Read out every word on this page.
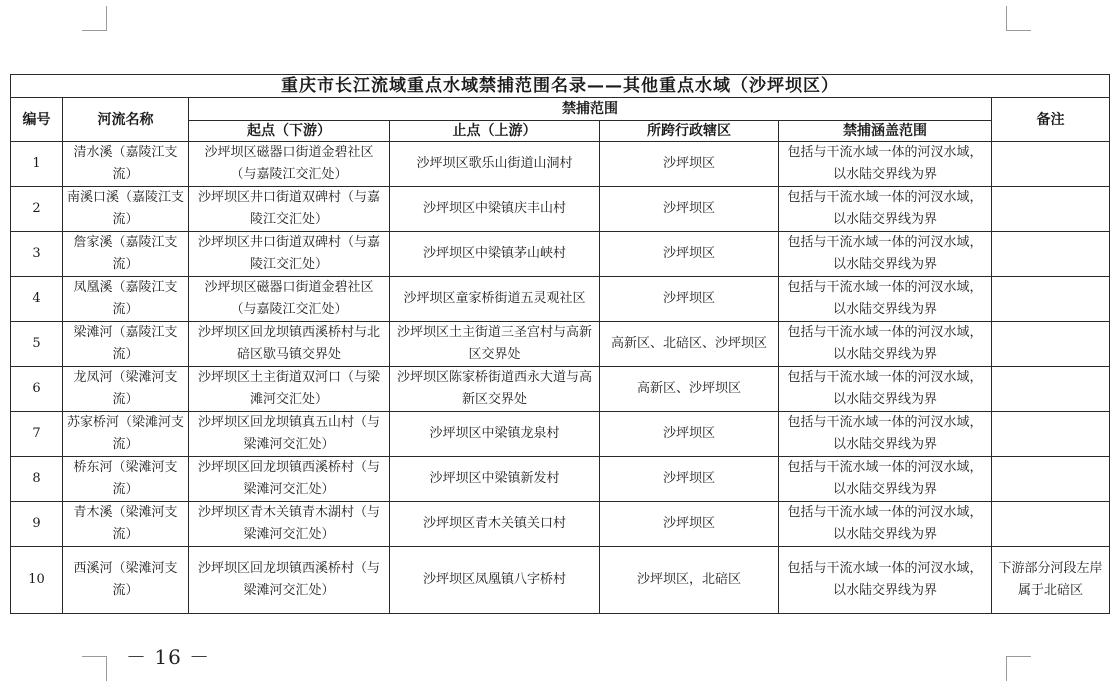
重庆市长江流域重点水域禁捕范围名录——其他重点水域（沙坪坝区）						
编号	河流名称	禁捕范围				备注
		起点（下游）	止点（上游）	所跨行政辖区	禁捕涵盖范围	
1	清水溪（嘉陵江支流）	沙坪坝区磁器口街道金碧社区（与嘉陵江交汇处）	沙坪坝区歌乐山街道山洞村	沙坪坝区	包括与干流水域一体的河汊水域，以水陆交界线为界	
2	南溪口溪（嘉陵江支流）	沙坪坝区井口街道双碑村（与嘉陵江交汇处）	沙坪坝区中梁镇庆丰山村	沙坪坝区	包括与干流水域一体的河汊水域，以水陆交界线为界	
3	詹家溪（嘉陵江支流）	沙坪坝区井口街道双碑村（与嘉陵江交汇处）	沙坪坝区中梁镇茅山峡村	沙坪坝区	包括与干流水域一体的河汊水域，以水陆交界线为界	
4	凤凰溪（嘉陵江支流）	沙坪坝区磁器口街道金碧社区（与嘉陵江交汇处）	沙坪坝区童家桥街道五灵观社区	沙坪坝区	包括与干流水域一体的河汊水域，以水陆交界线为界	
5	梁滩河（嘉陵江支流）	沙坪坝区回龙坝镇西溪桥村与北碚区歇马镇交界处	沙坪坝区土主街道三圣宫村与高新区交界处	高新区、北碚区、沙坪坝区	包括与干流水域一体的河汊水域，以水陆交界线为界	
6	龙凤河（梁滩河支流）	沙坪坝区土主街道双河口（与梁滩河交汇处）	沙坪坝区陈家桥街道西永大道与高新区交界处	高新区、沙坪坝区	包括与干流水域一体的河汊水域，以水陆交界线为界	
7	苏家桥河（梁滩河支流）	沙坪坝区回龙坝镇真五山村（与梁滩河交汇处）	沙坪坝区中梁镇龙泉村	沙坪坝区	包括与干流水域一体的河汊水域，以水陆交界线为界	
8	桥东河（梁滩河支流）	沙坪坝区回龙坝镇西溪桥村（与梁滩河交汇处）	沙坪坝区中梁镇新发村	沙坪坝区	包括与干流水域一体的河汊水域，以水陆交界线为界	
9	青木溪（梁滩河支流）	沙坪坝区青木关镇青木湖村（与梁滩河交汇处）	沙坪坝区青木关镇关口村	沙坪坝区	包括与干流水域一体的河汊水域，以水陆交界线为界	
10	西溪河（梁滩河支流）	沙坪坝区回龙坝镇西溪桥村（与梁滩河交汇处）	沙坪坝区凤凰镇八字桥村	沙坪坝区，北碚区	包括与干流水域一体的河汊水域，以水陆交界线为界	下游部分河段左岸属于北碚区
－ 16 －
